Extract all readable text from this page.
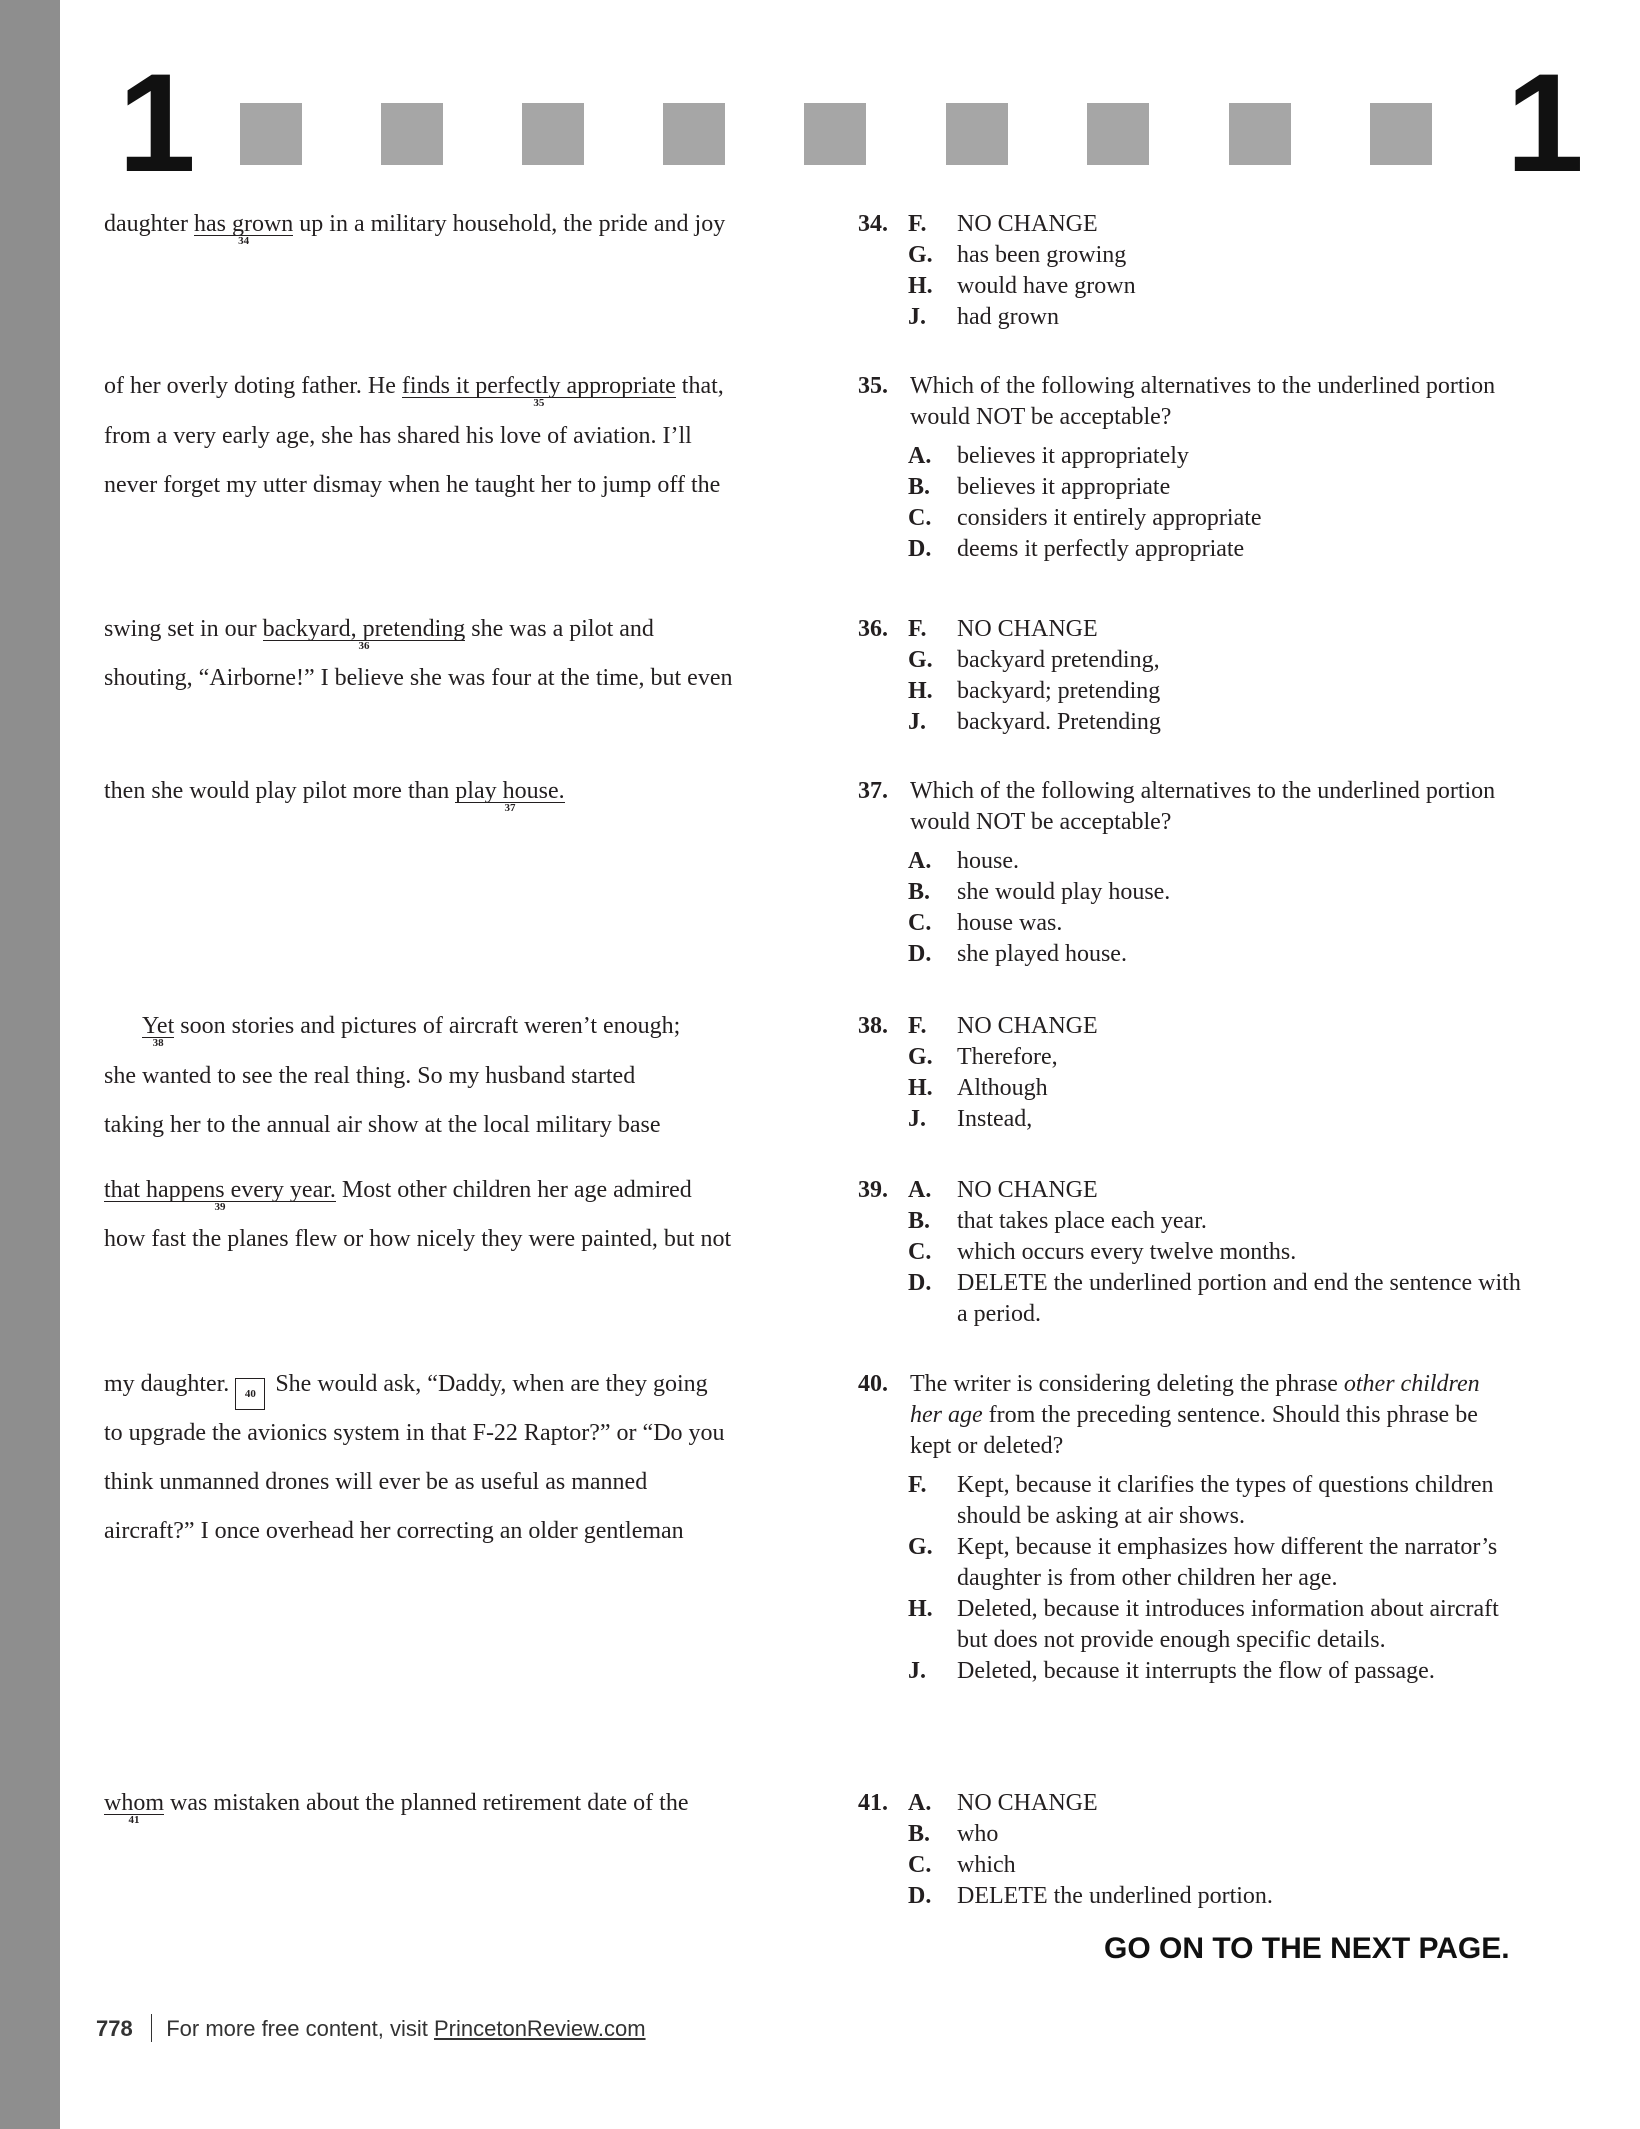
1	1
daughter has grown
34
up in a military household, the pride and joy
of her overly doting father. He finds it perfectly appropriate
35
that,
from a very early age, she has shared his love of aviation. I’ll
never forget my utter dismay when he taught her to jump off the
swing set in our backyard, pretending
36
she was a pilot and
shouting, “Airborne!” I believe she was four at the time, but even
then she would play pilot more than play house.
37
Yet
38
soon stories and pictures of aircraft weren’t enough;
she wanted to see the real thing. So my husband started
taking her to the annual air show at the local military base
that happens every year.
39
Most other children her age admired
how fast the planes flew or how nicely they were painted, but not
my daughter. 40 She would ask, “Daddy, when are they going
to upgrade the avionics system in that F-22 Raptor?” or “Do you
think unmanned drones will ever be as useful as manned
aircraft?” I once overhead her correcting an older gentleman
whom
41
was mistaken about the planned retirement date of the
34. F. NO CHANGE
G. has been growing
H. would have grown
J. had grown
35. Which of the following alternatives to the underlined portion
would NOT be acceptable?
A. believes it appropriately
B. believes it appropriate
C. considers it entirely appropriate
D. deems it perfectly appropriate
36. F. NO CHANGE
G. backyard pretending,
H. backyard; pretending
J. backyard. Pretending
37. Which of the following alternatives to the underlined portion
would NOT be acceptable?
A. house.
B. she would play house.
C. house was.
D. she played house.
38. F. NO CHANGE
G. Therefore,
H. Although
J. Instead,
39. A. NO CHANGE
B. that takes place each year.
C. which occurs every twelve months.
D. DELETE the underlined portion and end the sentence with
a period.
40. The writer is considering deleting the phrase other children
her age from the preceding sentence. Should this phrase be
kept or deleted?
F. Kept, because it clarifies the types of questions children
should be asking at air shows.
G. Kept, because it emphasizes how different the narrator’s
daughter is from other children her age.
H. Deleted, because it introduces information about aircraft
but does not provide enough specific details.
J. Deleted, because it interrupts the flow of passage.
41. A. NO CHANGE
B. who
C. which
D. DELETE the underlined portion.
GO ON TO THE NEXT PAGE.
778 For more free content, visit PrincetonReview.com
